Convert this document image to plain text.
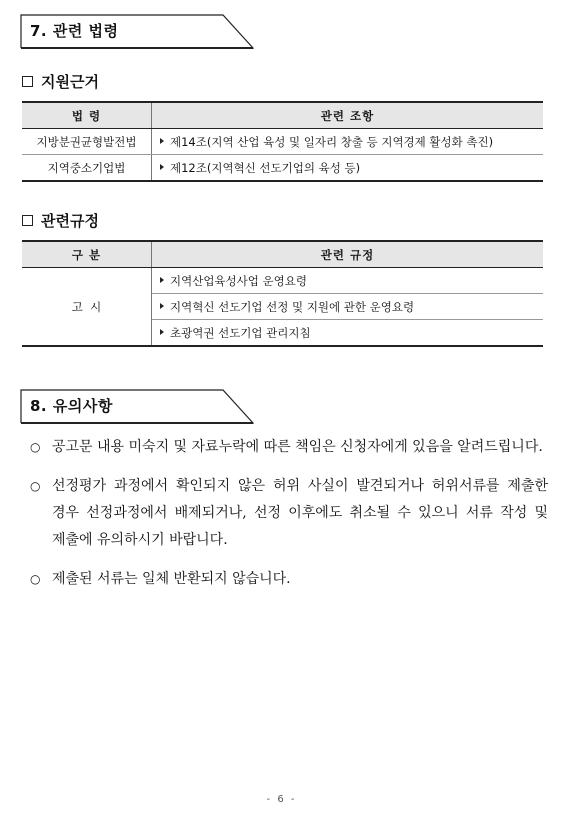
7. 관련 법령
지원근거
법 령	관련 조항
지방분권균형발전법	제14조(지역 산업 육성 및 일자리 창출 등 지역경제 활성화 촉진)
지역중소기업법	제12조(지역혁신 선도기업의 육성 등)
관련규정
구 분	관련 규정
고  시	지역산업육성사업 운영요령
	지역혁신 선도기업 선정 및 지원에 관한 운영요령
	초광역권 선도기업 관리지침
8. 유의사항
○ 공고문 내용 미숙지 및 자료누락에 따른 책임은 신청자에게 있음을 알려드립니다.
○ 선정평가 과정에서 확인되지 않은 허위 사실이 발견되거나 허위서류를 제출한 경우 선정과정에서 배제되거나, 선정 이후에도 취소될 수 있으니 서류 작성 및 제출에 유의하시기 바랍니다.
○ 제출된 서류는 일체 반환되지 않습니다.
- 6 -
